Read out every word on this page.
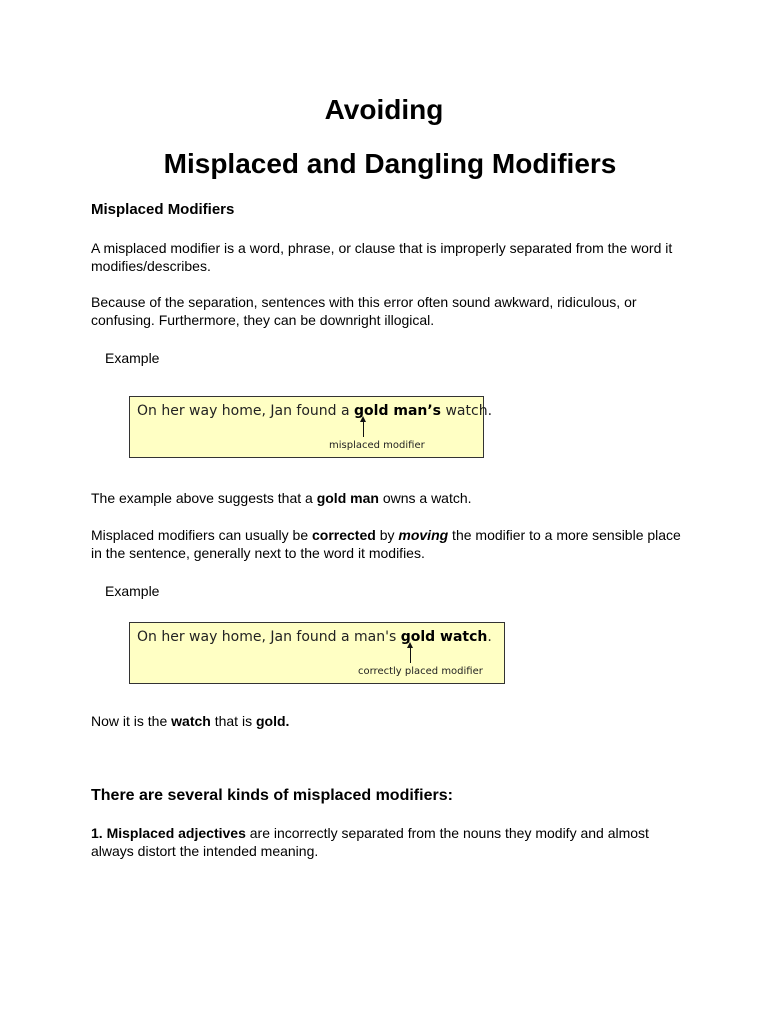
Avoiding
Misplaced and Dangling Modifiers
Misplaced Modifiers

A misplaced modifier is a word, phrase, or clause that is improperly separated from the word it modifies/describes.

Because of the separation, sentences with this error often sound awkward, ridiculous, or confusing. Furthermore, they can be downright illogical.

Example

On her way home, Jan found a gold man’s watch.
misplaced modifier

The example above suggests that a gold man owns a watch.

Misplaced modifiers can usually be corrected by moving the modifier to a more sensible place in the sentence, generally next to the word it modifies.

Example

On her way home, Jan found a man's gold watch.
correctly placed modifier

Now it is the watch that is gold.

There are several kinds of misplaced modifiers:

1. Misplaced adjectives are incorrectly separated from the nouns they modify and almost always distort the intended meaning.
